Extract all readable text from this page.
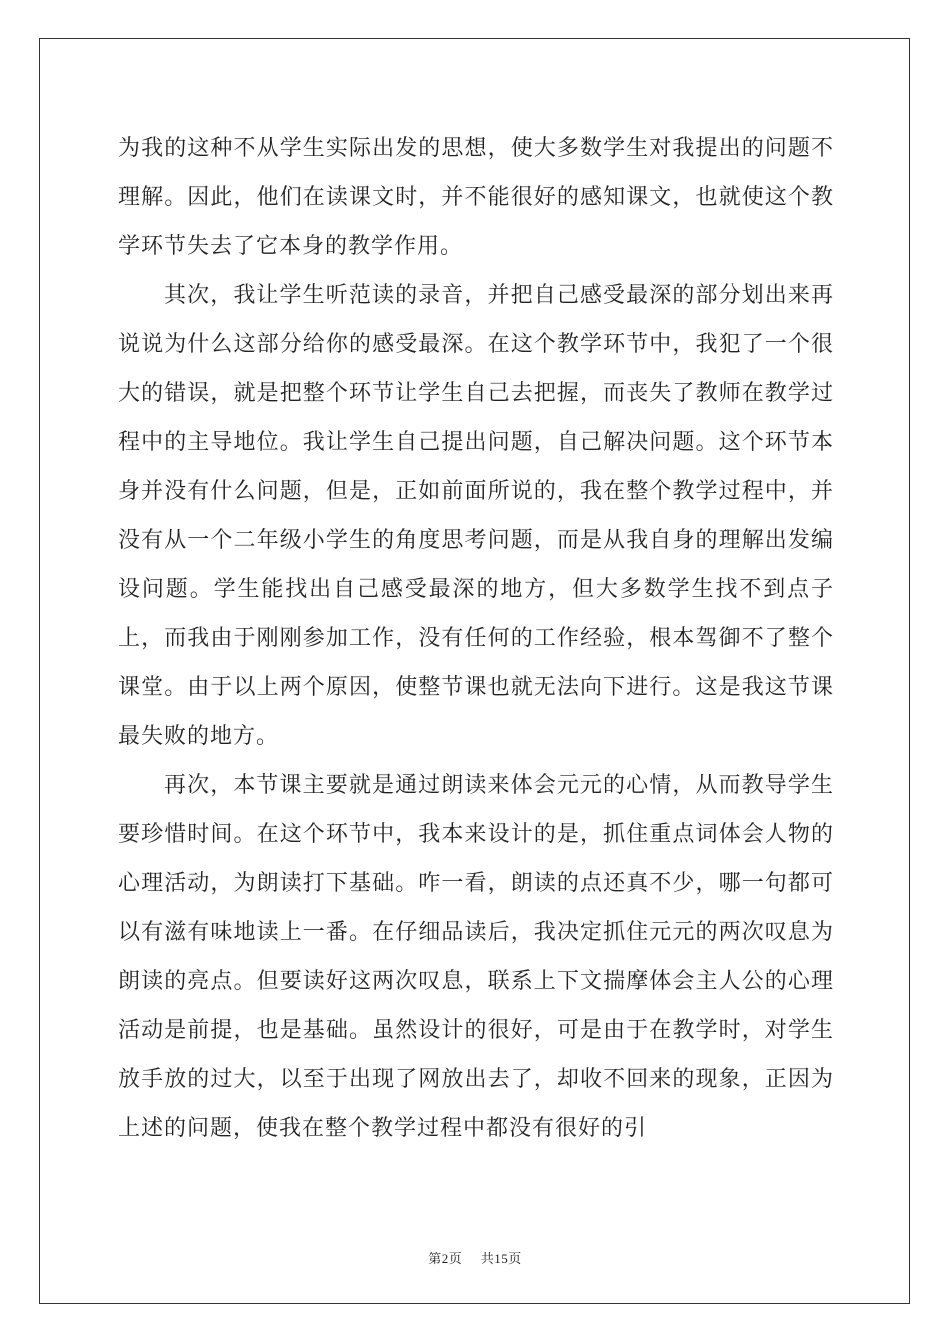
为我的这种不从学生实际出发的思想，使大多数学生对我提出的问题不理解。因此，他们在读课文时，并不能很好的感知课文，也就使这个教学环节失去了它本身的教学作用。

其次，我让学生听范读的录音，并把自己感受最深的部分划出来再说说为什么这部分给你的感受最深。在这个教学环节中，我犯了一个很大的错误，就是把整个环节让学生自己去把握，而丧失了教师在教学过程中的主导地位。我让学生自己提出问题，自己解决问题。这个环节本身并没有什么问题，但是，正如前面所说的，我在整个教学过程中，并没有从一个二年级小学生的角度思考问题，而是从我自身的理解出发编设问题。学生能找出自己感受最深的地方，但大多数学生找不到点子上，而我由于刚刚参加工作，没有任何的工作经验，根本驾御不了整个课堂。由于以上两个原因，使整节课也就无法向下进行。这是我这节课最失败的地方。

再次，本节课主要就是通过朗读来体会元元的心情，从而教导学生要珍惜时间。在这个环节中，我本来设计的是，抓住重点词体会人物的心理活动，为朗读打下基础。咋一看，朗读的点还真不少，哪一句都可以有滋有味地读上一番。在仔细品读后，我决定抓住元元的两次叹息为朗读的亮点。但要读好这两次叹息，联系上下文揣摩体会主人公的心理活动是前提，也是基础。虽然设计的很好，可是由于在教学时，对学生放手放的过大，以至于出现了网放出去了，却收不回来的现象，正因为上述的问题，使我在整个教学过程中都没有很好的引

第2页 共15页
